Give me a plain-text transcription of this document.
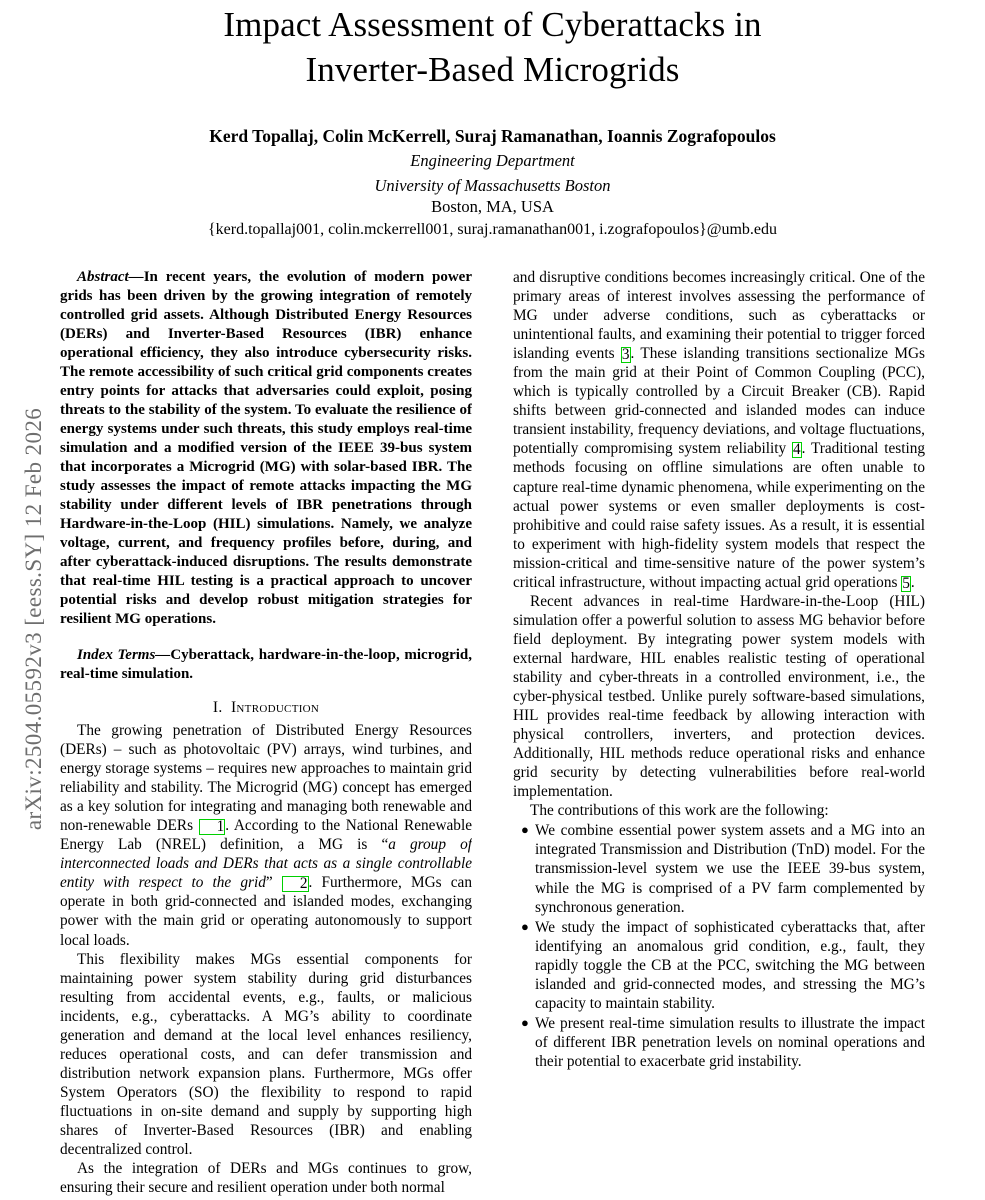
arXiv:2504.05592v3 [eess.SY] 12 Feb 2026
Impact Assessment of Cyberattacks in
Inverter-Based Microgrids
Kerd Topallaj, Colin McKerrell, Suraj Ramanathan, Ioannis Zografopoulos
Engineering Department
University of Massachusetts Boston
Boston, MA, USA
{kerd.topallaj001, colin.mckerrell001, suraj.ramanathan001, i.zografopoulos}@umb.edu
Abstract—In recent years, the evolution of modern power grids has been driven by the growing integration of remotely controlled grid assets. Although Distributed Energy Resources (DERs) and Inverter-Based Resources (IBR) enhance operational efficiency, they also introduce cybersecurity risks. The remote accessibility of such critical grid components creates entry points for attacks that adversaries could exploit, posing threats to the stability of the system. To evaluate the resilience of energy systems under such threats, this study employs real-time simulation and a modified version of the IEEE 39-bus system that incorporates a Microgrid (MG) with solar-based IBR. The study assesses the impact of remote attacks impacting the MG stability under different levels of IBR penetrations through Hardware-in-the-Loop (HIL) simulations. Namely, we analyze voltage, current, and frequency profiles before, during, and after cyberattack-induced disruptions. The results demonstrate that real-time HIL testing is a practical approach to uncover potential risks and develop robust mitigation strategies for resilient MG operations.
Index Terms—Cyberattack, hardware-in-the-loop, microgrid, real-time simulation.
I. Introduction

The growing penetration of Distributed Energy Resources (DERs) – such as photovoltaic (PV) arrays, wind turbines, and energy storage systems – requires new approaches to maintain grid reliability and stability. The Microgrid (MG) concept has emerged as a key solution for integrating and managing both renewable and non-renewable DERs 1. According to the National Renewable Energy Lab (NREL) definition, a MG is “a group of interconnected loads and DERs that acts as a single controllable entity with respect to the grid” 2. Furthermore, MGs can operate in both grid-connected and islanded modes, exchanging power with the main grid or operating autonomously to support local loads.

This flexibility makes MGs essential components for maintaining power system stability during grid disturbances resulting from accidental events, e.g., faults, or malicious incidents, e.g., cyberattacks. A MG’s ability to coordinate generation and demand at the local level enhances resiliency, reduces operational costs, and can defer transmission and distribution network expansion plans. Furthermore, MGs offer System Operators (SO) the flexibility to respond to rapid fluctuations in on-site demand and supply by supporting high shares of Inverter-Based Resources (IBR) and enabling decentralized control.

As the integration of DERs and MGs continues to grow, ensuring their secure and resilient operation under both normal

and disruptive conditions becomes increasingly critical. One of the primary areas of interest involves assessing the performance of MG under adverse conditions, such as cyberattacks or unintentional faults, and examining their potential to trigger forced islanding events 3. These islanding transitions sectionalize MGs from the main grid at their Point of Common Coupling (PCC), which is typically controlled by a Circuit Breaker (CB). Rapid shifts between grid-connected and islanded modes can induce transient instability, frequency deviations, and voltage fluctuations, potentially compromising system reliability 4. Traditional testing methods focusing on offline simulations are often unable to capture real-time dynamic phenomena, while experimenting on the actual power systems or even smaller deployments is cost-prohibitive and could raise safety issues. As a result, it is essential to experiment with high-fidelity system models that respect the mission-critical and time-sensitive nature of the power system’s critical infrastructure, without impacting actual grid operations 5.

Recent advances in real-time Hardware-in-the-Loop (HIL) simulation offer a powerful solution to assess MG behavior before field deployment. By integrating power system models with external hardware, HIL enables realistic testing of operational stability and cyber-threats in a controlled environment, i.e., the cyber-physical testbed. Unlike purely software-based simulations, HIL provides real-time feedback by allowing interaction with physical controllers, inverters, and protection devices. Additionally, HIL methods reduce operational risks and enhance grid security by detecting vulnerabilities before real-world implementation.

The contributions of this work are the following:

● We combine essential power system assets and a MG into an integrated Transmission and Distribution (TnD) model. For the transmission-level system we use the IEEE 39-bus system, while the MG is comprised of a PV farm complemented by synchronous generation.
● We study the impact of sophisticated cyberattacks that, after identifying an anomalous grid condition, e.g., fault, they rapidly toggle the CB at the PCC, switching the MG between islanded and grid-connected modes, and stressing the MG’s capacity to maintain stability.
● We present real-time simulation results to illustrate the impact of different IBR penetration levels on nominal operations and their potential to exacerbate grid instability.
